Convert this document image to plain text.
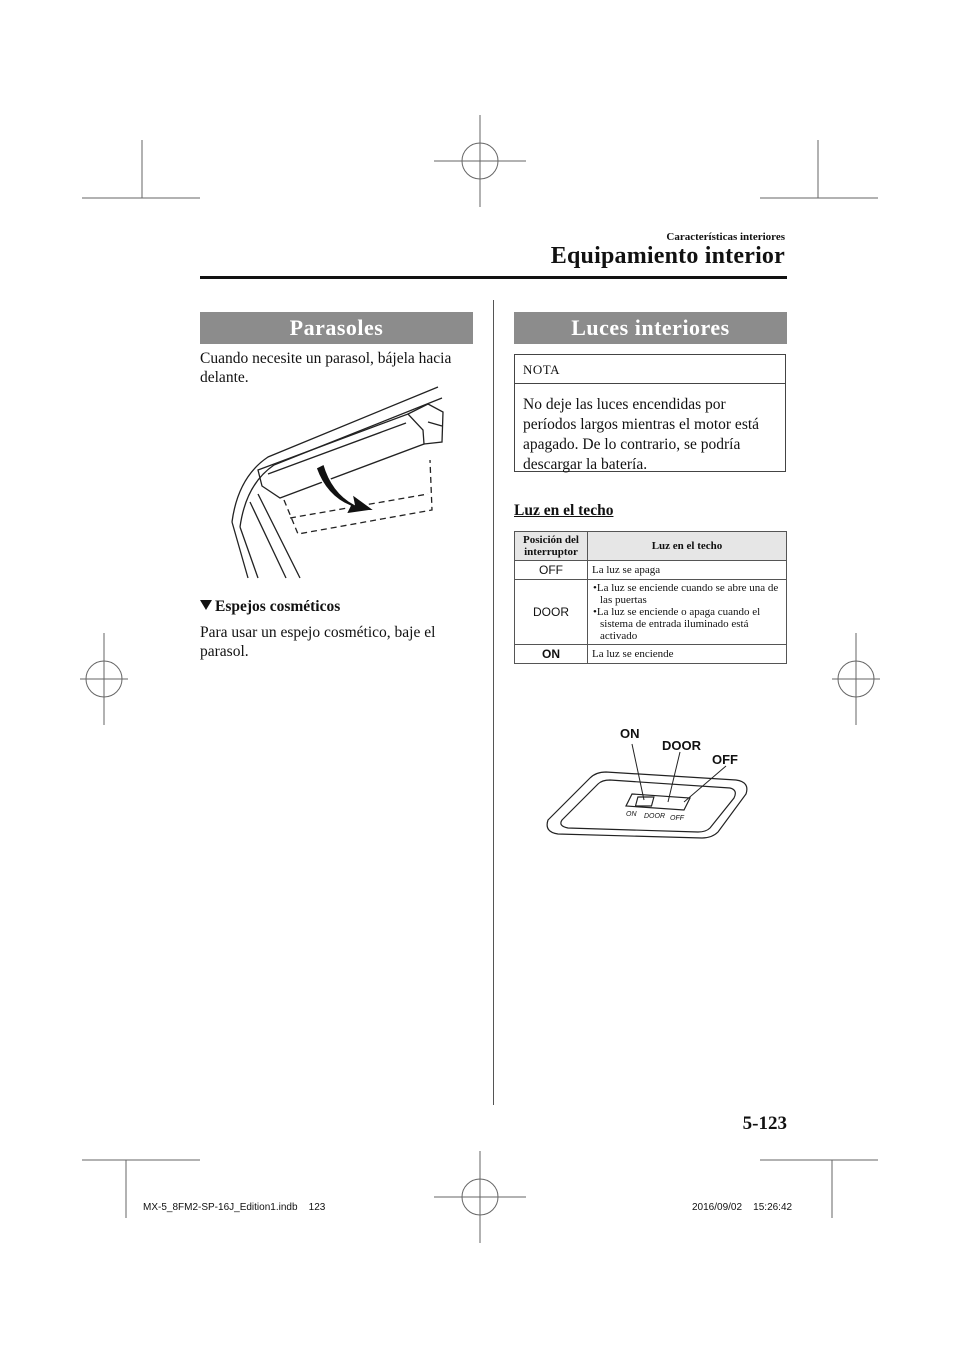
Características interiores
Equipamiento interior
Parasoles
Cuando necesite un parasol, bájela hacia delante.
Espejos cosméticos
Para usar un espejo cosmético, baje el parasol.
Luces interiores
NOTA
No deje las luces encendidas por períodos largos mientras el motor está apagado. De lo contrario, se podría descargar la batería.
Luz en el techo
Posición del interruptor	Luz en el techo
OFF	La luz se apaga

DOOR	•La luz se enciende cuando se abre una de las puertas
•La luz se enciende o apaga cuando el sistema de entrada iluminado está activado

ON	La luz se enciende
ON
DOOR
OFF
ON DOOR OFF
5-123
MX-5_8FM2-SP-16J_Edition1.indb    123	2016/09/02    15:26:42
